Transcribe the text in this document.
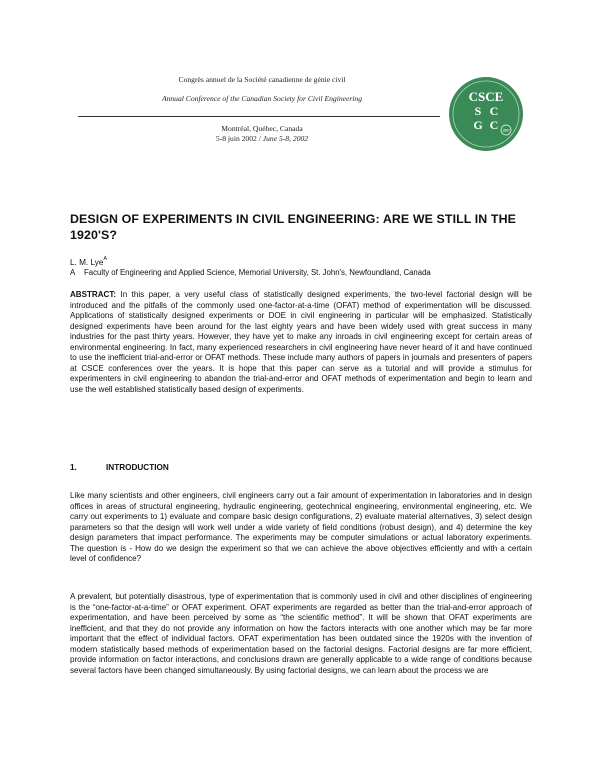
Congrès annuel de la Société canadienne de génie civil
Annual Conference of the Canadian Society for Civil Engineering
Montréal, Québec, Canada
5-8 juin 2002 / June 5-8, 2002
CSCE
S C
G C 1887
DESIGN OF EXPERIMENTS IN CIVIL ENGINEERING: ARE WE STILL IN THE 1920'S?
L. M. Lye$^A$
A Faculty of Engineering and Applied Science, Memorial University, St. John's, Newfoundland, Canada

ABSTRACT: In this paper, a very useful class of statistically designed experiments, the two-level factorial design will be introduced and the pitfalls of the commonly used one-factor-at-a-time (OFAT) method of experimentation will be discussed. Applications of statistically designed experiments or DOE in civil engineering in particular will be emphasized. Statistically designed experiments have been around for the last eighty years and have been widely used with great success in many industries for the past thirty years. However, they have yet to make any inroads in civil engineering except for certain areas of environmental engineering. In fact, many experienced researchers in civil engineering have never heard of it and have continued to use the inefficient trial-and-error or OFAT methods. These include many authors of papers in journals and presenters of papers at CSCE conferences over the years. It is hope that this paper can serve as a tutorial and will provide a stimulus for experimenters in civil engineering to abandon the trial-and-error and OFAT methods of experimentation and begin to learn and use the well established statistically based design of experiments.

1.	INTRODUCTION

Like many scientists and other engineers, civil engineers carry out a fair amount of experimentation in laboratories and in design offices in areas of structural engineering, hydraulic engineering, geotechnical engineering, environmental engineering, etc. We carry out experiments to 1) evaluate and compare basic design configurations, 2) evaluate material alternatives, 3) select design parameters so that the design will work well under a wide variety of field conditions (robust design), and 4) determine the key design parameters that impact performance. The experiments may be computer simulations or actual laboratory experiments. The question is - How do we design the experiment so that we can achieve the above objectives efficiently and with a certain level of confidence?

A prevalent, but potentially disastrous, type of experimentation that is commonly used in civil and other disciplines of engineering is the “one-factor-at-a-time” or OFAT experiment. OFAT experiments are regarded as better than the trial-and-error approach of experimentation, and have been perceived by some as “the scientific method”. It will be shown that OFAT experiments are inefficient, and that they do not provide any information on how the factors interacts with one another which may be far more important that the effect of individual factors. OFAT experimentation has been outdated since the 1920s with the invention of modern statistically based methods of experimentation based on the factorial designs. Factorial designs are far more efficient, provide information on factor interactions, and conclusions drawn are generally applicable to a wide range of conditions because several factors have been changed simultaneously. By using factorial designs, we can learn about the process we are
